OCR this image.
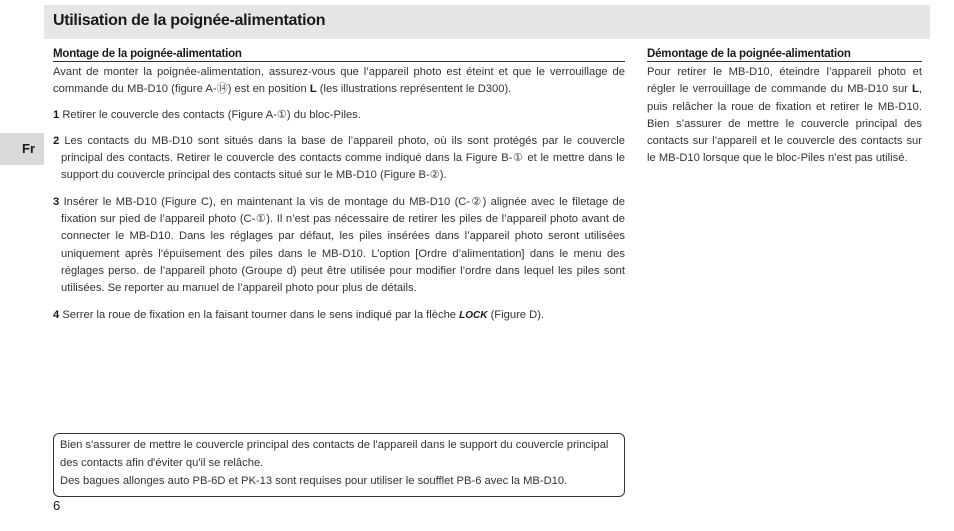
Utilisation de la poignée-alimentation
Fr
Montage de la poignée-alimentation

Avant de monter la poignée-alimentation, assurez-vous que l’appareil photo est éteint et que le verrouillage de commande du MB-D10 (figure A-⑭) est en position L (les illustrations représentent le D300).

1 Retirer le couvercle des contacts (Figure A-①) du bloc-Piles.

2 Les contacts du MB-D10 sont situés dans la base de l’appareil photo, où ils sont protégés par le couvercle principal des contacts. Retirer le couvercle des contacts comme indiqué dans la Figure B-① et le mettre dans le support du couvercle principal des contacts situé sur le MB-D10 (Figure B-②).

3 Insérer le MB-D10 (Figure C), en maintenant la vis de montage du MB-D10 (C-②) alignée avec le filetage de fixation sur pied de l’appareil photo (C-①). Il n’est pas nécessaire de retirer les piles de l’appareil photo avant de connecter le MB-D10. Dans les réglages par défaut, les piles insérées dans l’appareil photo seront utilisées uniquement après l’épuisement des piles dans le MB-D10. L’option [Ordre d’alimentation] dans le menu des réglages perso. de l’appareil photo (Groupe d) peut être utilisée pour modifier l’ordre dans lequel les piles sont utilisées. Se reporter au manuel de l’appareil photo pour plus de détails.

4 Serrer la roue de fixation en la faisant tourner dans le sens indiqué par la flèche LOCK (Figure D).

Démontage de la poignée-alimentation

Pour retirer le MB-D10, éteindre l’appareil photo et régler le verrouillage de commande du MB-D10 sur L, puis relâcher la roue de fixation et retirer le MB-D10. Bien s’assurer de mettre le couvercle principal des contacts sur l’appareil et le couvercle des contacts sur le MB-D10 lorsque que le bloc-Piles n’est pas utilisé.

Bien s'assurer de mettre le couvercle principal des contacts de l'appareil dans le support du couvercle principal des contacts afin d'éviter qu'il se relâche.

Des bagues allonges auto PB-6D et PK-13 sont requises pour utiliser le soufflet PB-6 avec la MB-D10.

6
